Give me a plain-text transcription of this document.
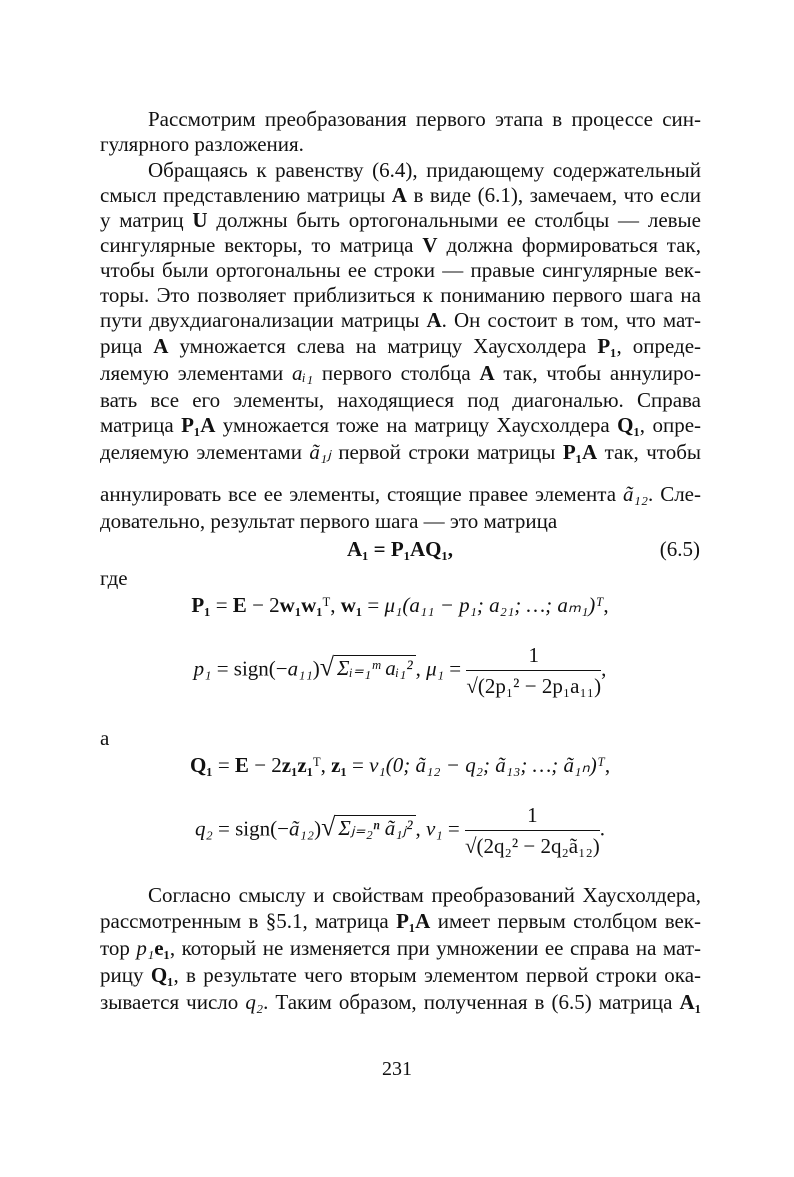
Рассмотрим преобразования первого этапа в процессе син-
гулярного разложения.
Обращаясь к равенству (6.4), придающему содержательный
смысл представлению матрицы A в виде (6.1), замечаем, что если
у матриц U должны быть ортогональными ее столбцы — левые
сингулярные векторы, то матрица V должна формироваться так,
чтобы были ортогональны ее строки — правые сингулярные век-
торы. Это позволяет приблизиться к пониманию первого шага на
пути двухдиагонализации матрицы A. Он состоит в том, что мат-
рица A умножается слева на матрицу Хаусхолдера P₁, опреде-
ляемую элементами aᵢ₁ первого столбца A так, чтобы аннулиро-
вать все его элементы, находящиеся под диагональю. Справа
матрица P₁A умножается тоже на матрицу Хаусхолдера Q₁, опре-
деляемую элементами ã₁ⱼ первой строки матрицы P₁A так, чтобы
аннулировать все ее элементы, стоящие правее элемента ã₁₂. Сле-
довательно, результат первого шага — это матрица
A₁ = P₁AQ₁,	(6.5)
где
P₁ = E − 2w₁w₁ᵀ, w₁ = μ₁(a₁₁ − p₁; a₂₁; …; aₘ₁)ᵀ,
p₁ = sign(−a₁₁)√ Σᵢ₌₁ᵐ aᵢ₁² , $\mu_1 = \frac{1}{\text{√(2p₁² − 2p₁a₁₁)}}$ ,
а
Q₁ = E − 2z₁z₁ᵀ, z₁ = ν₁(0; ã₁₂ − q₂; ã₁₃; …; ã₁ₙ)ᵀ,
q₂ = sign(−ã₁₂)√ Σⱼ₌₂ⁿ ã₁ⱼ² , $\nu_1 = \frac{1}{\text{√(2q₂² − 2q₂ã₁₂)}}$ .
Согласно смыслу и свойствам преобразований Хаусхолдера,
рассмотренным в §5.1, матрица P₁A имеет первым столбцом век-
тор p₁e₁, который не изменяется при умножении ее справа на мат-
рицу Q₁, в результате чего вторым элементом первой строки ока-
зывается число q₂. Таким образом, полученная в (6.5) матрица A₁
231
